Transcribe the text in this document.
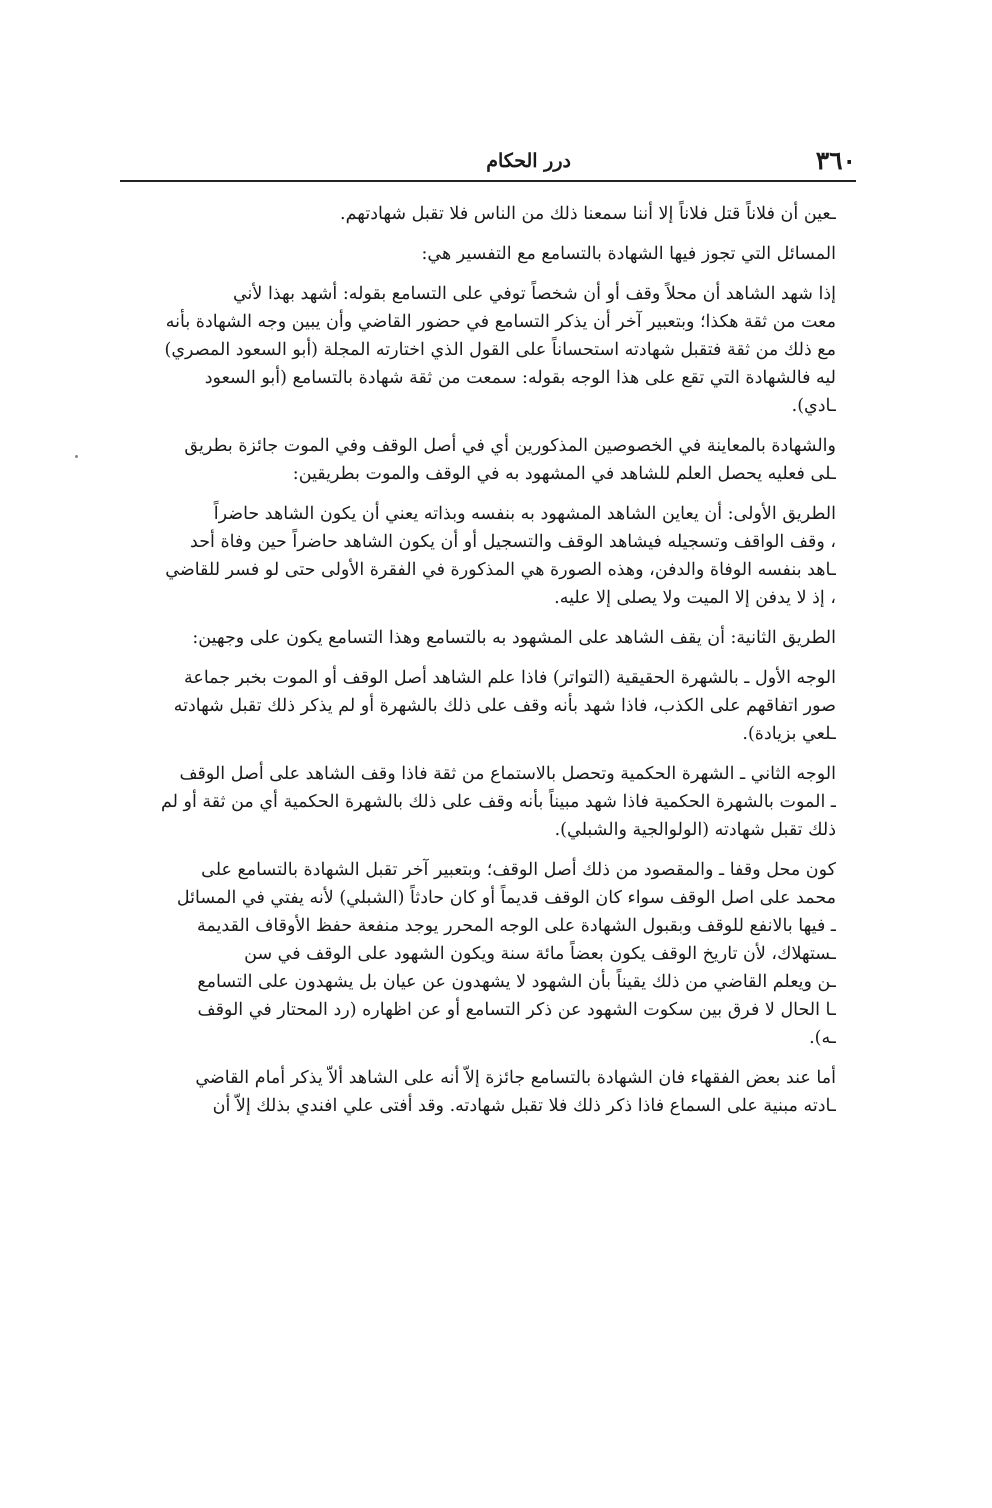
٣٦٠
درر الحكام
ـعين أن فلاناً قتل فلاناً إلا أننا سمعنا ذلك من الناس فلا تقبل شهادتهم.
المسائل التي تجوز فيها الشهادة بالتسامع مع التفسير هي:
إذا شهد الشاهد أن محلاً وقف أو أن شخصاً توفي على التسامع بقوله: أشهد بهذا لأني
معت من ثقة هكذا؛ وبتعبير آخر أن يذكر التسامع في حضور القاضي وأن يبين وجه الشهادة بأنه
مع ذلك من ثقة فتقبل شهادته استحساناً على القول الذي اختارته المجلة (أبو السعود المصري)
ليه فالشهادة التي تقع على هذا الوجه بقوله: سمعت من ثقة شهادة بالتسامع (أبو السعود
ـادي).
والشهادة بالمعاينة في الخصوصين المذكورين أي في أصل الوقف وفي الموت جائزة بطريق
ـلى فعليه يحصل العلم للشاهد في المشهود به في الوقف والموت بطريقين:
الطريق الأولى: أن يعاين الشاهد المشهود به بنفسه وبذاته يعني أن يكون الشاهد حاضراً
، وقف الواقف وتسجيله فيشاهد الوقف والتسجيل أو أن يكون الشاهد حاضراً حين وفاة أحد
ـاهد بنفسه الوفاة والدفن، وهذه الصورة هي المذكورة في الفقرة الأولى حتى لو فسر للقاضي
، إذ لا يدفن إلا الميت ولا يصلى إلا عليه.
الطريق الثانية: أن يقف الشاهد على المشهود به بالتسامع وهذا التسامع يكون على وجهين:
الوجه الأول ـ بالشهرة الحقيقية (التواتر) فاذا علم الشاهد أصل الوقف أو الموت بخبر جماعة
صور اتفاقهم على الكذب، فاذا شهد بأنه وقف على ذلك بالشهرة أو لم يذكر ذلك تقبل شهادته
ـلعي بزيادة).
الوجه الثاني ـ الشهرة الحكمية وتحصل بالاستماع من ثقة فاذا وقف الشاهد على أصل الوقف
ـ الموت بالشهرة الحكمية فاذا شهد مبيناً بأنه وقف على ذلك بالشهرة الحكمية أي من ثقة أو لم
ذلك تقبل شهادته (الولوالجية والشبلي).
كون محل وقفا ـ والمقصود من ذلك أصل الوقف؛ وبتعبير آخر تقبل الشهادة بالتسامع على
محمد على اصل الوقف سواء كان الوقف قديماً أو كان حادثاً (الشبلي) لأنه يفتي في المسائل
ـ فيها بالانفع للوقف وبقبول الشهادة على الوجه المحرر يوجد منفعة حفظ الأوقاف القديمة
ـستهلاك، لأن تاريخ الوقف يكون بعضاً مائة سنة ويكون الشهود على الوقف في سن
ـن ويعلم القاضي من ذلك يقيناً بأن الشهود لا يشهدون عن عيان بل يشهدون على التسامع
ـا الحال لا فرق بين سكوت الشهود عن ذكر التسامع أو عن اظهاره (رد المحتار في الوقف
ـه).
أما عند بعض الفقهاء فان الشهادة بالتسامع جائزة إلاّ أنه على الشاهد ألاّ يذكر أمام القاضي
ـادته مبنية على السماع فاذا ذكر ذلك فلا تقبل شهادته. وقد أفتى علي افندي بذلك إلاّ أن
